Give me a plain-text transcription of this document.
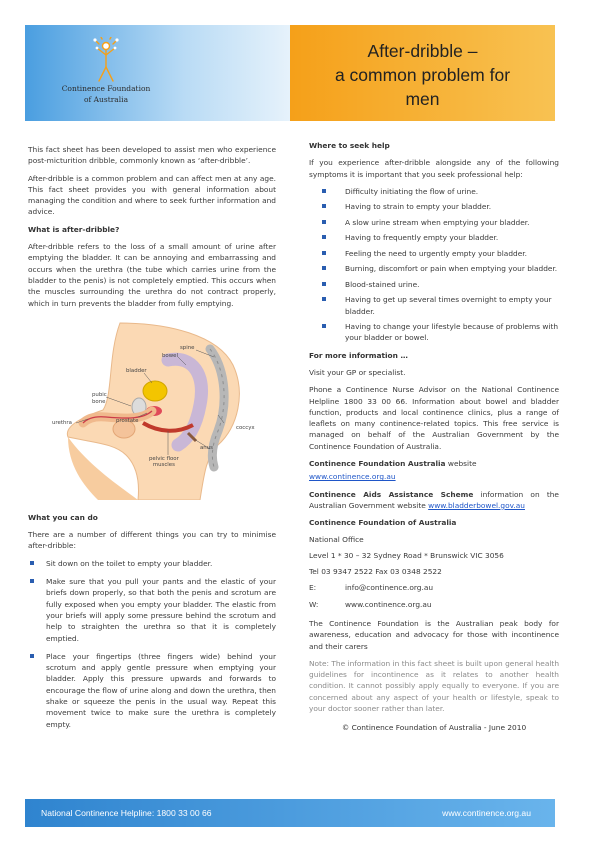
Continence Foundation
of Australia
After-dribble –
a common problem for
men

This fact sheet has been developed to assist men who experience post-micturition dribble, commonly known as ‘after-dribble’.

After-dribble is a common problem and can affect men at any age. This fact sheet provides you with general information about managing the condition and where to seek further information and advice.

What is after-dribble?

After-dribble refers to the loss of a small amount of urine after emptying the bladder. It can be annoying and embarrassing and occurs when the urethra (the tube which carries urine from the bladder to the penis) is not completely emptied. This occurs when the muscles surrounding the urethra do not contract properly, which in turn prevents the bladder from fully emptying.

spine
bowel
bladder
pubic
bone
urethra	prostate
coccyx
anus
pelvic floor
muscles
What you can do

There are a number of different things you can try to minimise after-dribble:

Sit down on the toilet to empty your bladder.
Make sure that you pull your pants and the elastic of your briefs down properly, so that both the penis and scrotum are fully exposed when you empty your bladder. The elastic from your briefs will apply some pressure behind the scrotum and help to straighten the urethra so that it is completely emptied.
Place your fingertips (three fingers wide) behind your scrotum and apply gentle pressure when emptying your bladder. Apply this pressure upwards and forwards to encourage the flow of urine along and down the urethra, then shake or squeeze the penis in the usual way. Repeat this movement twice to make sure the urethra is completely empty.
Where to seek help

If you experience after-dribble alongside any of the following symptoms it is important that you seek professional help:

Difficulty initiating the flow of urine.
Having to strain to empty your bladder.
A slow urine stream when emptying your bladder.
Having to frequently empty your bladder.
Feeling the need to urgently empty your bladder.
Burning, discomfort or pain when emptying your bladder.
Blood-stained urine.
Having to get up several times overnight to empty your bladder.
Having to change your lifestyle because of problems with your bladder or bowel.
For more information …

Visit your GP or specialist.

Phone a Continence Nurse Advisor on the National Continence Helpline 1800 33 00 66. Information about bowel and bladder function, products and local continence clinics, plus a range of leaflets on many continence-related topics. This free service is managed on behalf of the Australian Government by the Continence Foundation of Australia.

Continence Foundation Australia website

www.continence.org.au

Continence Aids Assistance Scheme information on the Australian Government website www.bladderbowel.gov.au

Continence Foundation of Australia
National Office
Level 1 * 30 – 32 Sydney Road * Brunswick VIC 3056
Tel 03 9347 2522 Fax 03 0348 2522
E:	info@continence.org.au
W:	www.continence.org.au

The Continence Foundation is the Australian peak body for awareness, education and advocacy for those with incontinence and their carers

Note: The information in this fact sheet is built upon general health guidelines for incontinence as it relates to another health condition. It cannot possibly apply equally to everyone. If you are concerned about any aspect of your health or lifestyle, speak to your doctor sooner rather than later.

© Continence Foundation of Australia - June 2010
National Continence Helpline: 1800 33 00 66	www.continence.org.au
